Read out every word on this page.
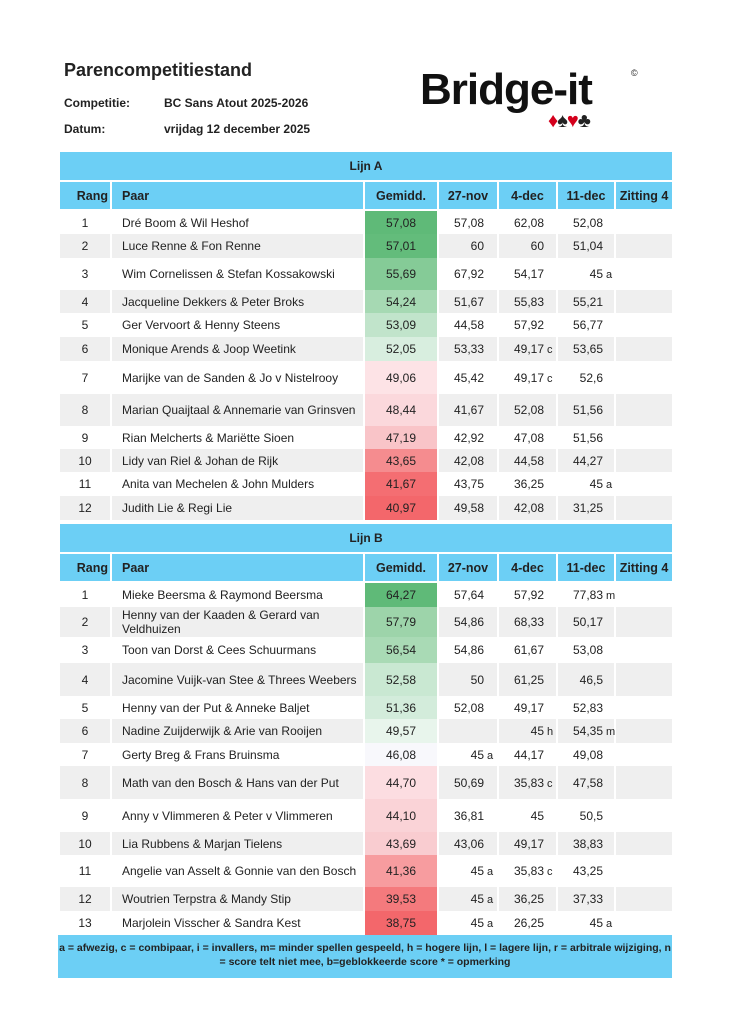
Parencompetitiestand
Competitie:	BC Sans Atout 2025-2026
Datum:	vrijdag 12 december 2025
Bridge-it	©
♦♠♥♣
Lijn A						
Rang	Paar	Gemidd.	27-nov	4-dec	11-dec	Zitting 4
1	Dré Boom & Wil Heshof	57,08	57,08	62,08	52,08	
2	Luce Renne & Fon Renne	57,01	60	60	51,04	
3	Wim Cornelissen & Stefan Kossakowski	55,69	67,92	54,17	45 a	
4	Jacqueline Dekkers & Peter Broks	54,24	51,67	55,83	55,21	
5	Ger Vervoort & Henny Steens	53,09	44,58	57,92	56,77	
6	Monique Arends & Joop Weetink	52,05	53,33	49,17 c	53,65	
7	Marijke van de Sanden & Jo v Nistelrooy	49,06	45,42	49,17 c	52,6	
8	Marian Quaijtaal & Annemarie van Grinsven	48,44	41,67	52,08	51,56	
9	Rian Melcherts & Mariëtte Sioen	47,19	42,92	47,08	51,56	
10	Lidy van Riel & Johan de Rijk	43,65	42,08	44,58	44,27	
11	Anita van Mechelen & John Mulders	41,67	43,75	36,25	45 a	
12	Judith Lie & Regi Lie	40,97	49,58	42,08	31,25	
Lijn B						
Rang	Paar	Gemidd.	27-nov	4-dec	11-dec	Zitting 4
1	Mieke Beersma & Raymond Beersma	64,27	57,64	57,92	77,83 m	
2	Henny van der Kaaden & Gerard van Veldhuizen	57,79	54,86	68,33	50,17	
3	Toon van Dorst & Cees Schuurmans	56,54	54,86	61,67	53,08	
4	Jacomine Vuijk-van Stee & Threes Weebers	52,58	50	61,25	46,5	
5	Henny van der Put & Anneke Baljet	51,36	52,08	49,17	52,83	
6	Nadine Zuijderwijk & Arie van Rooijen	49,57		45 h	54,35 m	
7	Gerty Breg & Frans Bruinsma	46,08	45 a	44,17	49,08	
8	Math van den Bosch & Hans van der Put	44,70	50,69	35,83 c	47,58	
9	Anny v Vlimmeren & Peter v Vlimmeren	44,10	36,81	45	50,5	
10	Lia Rubbens & Marjan Tielens	43,69	43,06	49,17	38,83	
11	Angelie van Asselt & Gonnie van den Bosch	41,36	45 a	35,83 c	43,25	
12	Woutrien Terpstra & Mandy Stip	39,53	45 a	36,25	37,33	
13	Marjolein Visscher & Sandra Kest	38,75	45 a	26,25	45 a	
a = afwezig, c = combipaar, i = invallers, m= minder spellen gespeeld, h = hogere lijn, l = lagere lijn, r = arbitrale wijziging, n = score telt niet mee, b=geblokkeerde score * = opmerking
